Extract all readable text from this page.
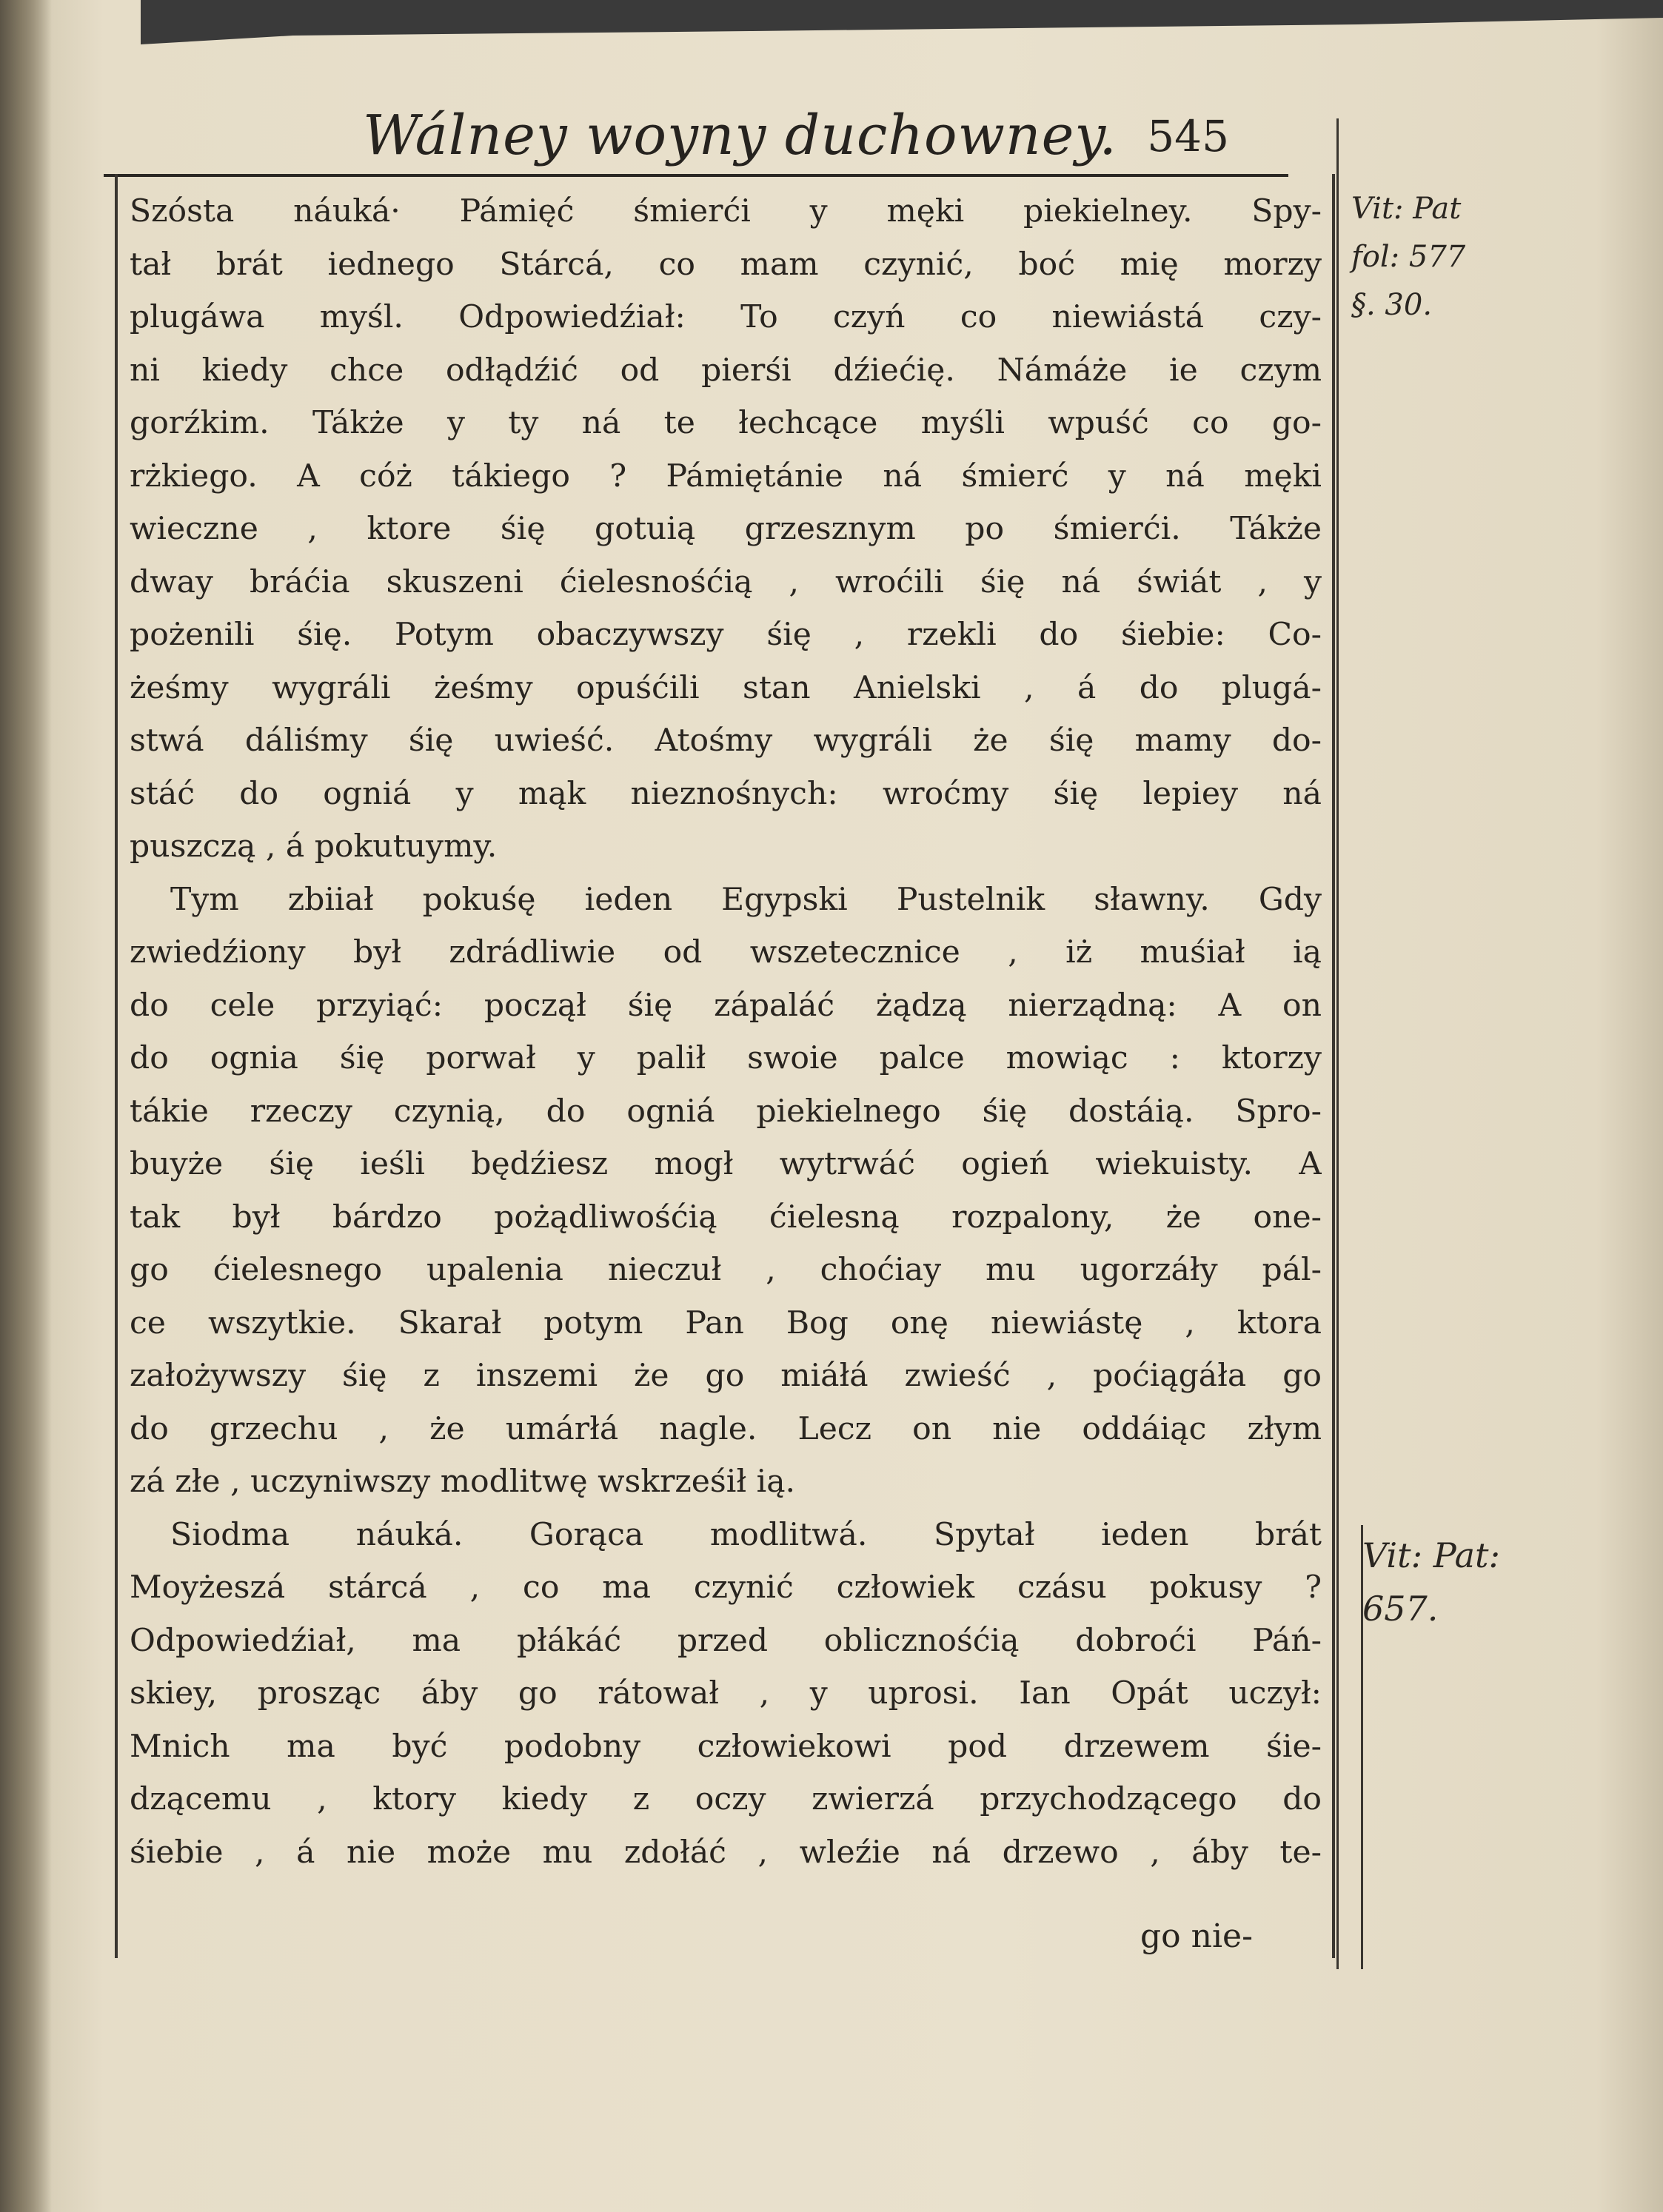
Wálney woyny duchowney. 545
Szósta náuká· Pámięć śmierći y męki piekielney. Spy-
tał brát iednego Stárcá, co mam czynić, boć mię morzy
plugáwa myśl. Odpowiedźiał: To czyń co niewiástá czy-
ni kiedy chce odłądźić od pierśi dźiećię. Námáże ie czym
gorźkim. Tákże y ty ná te łechcące myśli wpuść co go-
rżkiego. A cóż tákiego ? Pámiętánie ná śmierć y ná męki
wieczne , ktore śię gotuią grzesznym po śmierći. Tákże
dway bráćia skuszeni ćielesnośćią , wroćili śię ná świát , y
pożenili śię. Potym obaczywszy śię , rzekli do śiebie: Co-
żeśmy wygráli żeśmy opuśćili stan Anielski , á do plugá-
stwá dáliśmy śię uwieść. Atośmy wygráli że śię mamy do-
stáć do ogniá y mąk nieznośnych: wroćmy śię lepiey ná
puszczą , á pokutuymy.
Tym zbiiał pokuśę ieden Egypski Pustelnik sławny. Gdy
zwiedźiony był zdrádliwie od wszetecznice , iż muśiał ią
do cele przyiąć: począł śię zápaláć żądzą nierządną: A on
do ognia śię porwał y palił swoie palce mowiąc : ktorzy
tákie rzeczy czynią, do ogniá piekielnego śię dostáią. Spro-
buyże śię ieśli będźiesz mogł wytrwáć ogień wiekuisty. A
tak był bárdzo pożądliwośćią ćielesną rozpalony, że one-
go ćielesnego upalenia nieczuł , choćiay mu ugorzáły pál-
ce wszytkie. Skarał potym Pan Bog onę niewiástę , ktora
założywszy śię z inszemi że go miáłá zwieść , poćiągáła go
do grzechu , że umárłá nagle. Lecz on nie oddáiąc złym
zá złe , uczyniwszy modlitwę wskrześił ią.
Siodma náuká. Gorąca modlitwá. Spytał ieden brát
Moyżeszá stárcá , co ma czynić człowiek czásu pokusy ?
Odpowiedźiał, ma płákáć przed oblicznośćią dobroći Páń-
skiey, prosząc áby go rátował , y uprosi. Ian Opát uczył:
Mnich ma być podobny człowiekowi pod drzewem śie-
dzącemu , ktory kiedy z oczy zwierzá przychodzącego do
śiebie , á nie może mu zdołáć , wleźie ná drzewo , áby te-
go nie-
Vit: Pat
fol: 577
§. 30.
Vit: Pat:
657.
